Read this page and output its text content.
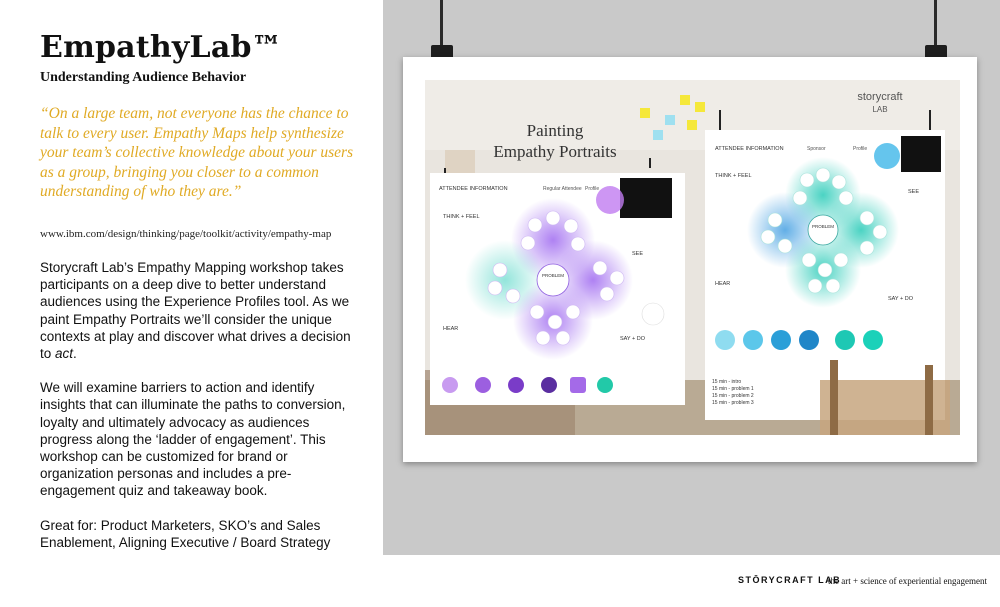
EmpathyLab™
Understanding Audience Behavior
“On a large team, not everyone has the chance to talk to every user. Empathy Maps help synthesize your team’s collective knowledge about your users as a group, bringing you closer to a common understanding of who they are.”
www.ibm.com/design/thinking/page/toolkit/activity/empathy-map

Storycraft Lab’s Empathy Mapping workshop takes participants on a deep dive to better understand audiences using the Experience Profiles tool. As we paint Empathy Portraits we’ll consider the unique contexts at play and discover what drives a decision to act.

We will examine barriers to action and identify insights that can illuminate the paths to conversion, loyalty and ultimately advocacy as audiences progress along the ‘ladder of engagement’. This workshop can be customized for brand or organization personas and includes a pre-engagement quiz and takeaway book.

Great for: Product Marketers, SKO’s and Sales
Enablement, Aligning Executive / Board Strategy

Painting
Empathy Portraits
storycraft
LAB
ATTENDEE INFORMATION	Regular Attendee Profile
THINK + FEEL
SEE
HEAR
SAY + DO
PROBLEM
ATTENDEE INFORMATION	Sponsor	Profile
THINK + FEEL
SEE
HEAR
SAY + DO
PROBLEM
15 min - intro
15 min - problem 1
15 min - problem 2
15 min - problem 3
STŌRYCRAFT LAB
the art + science of experiential engagement
